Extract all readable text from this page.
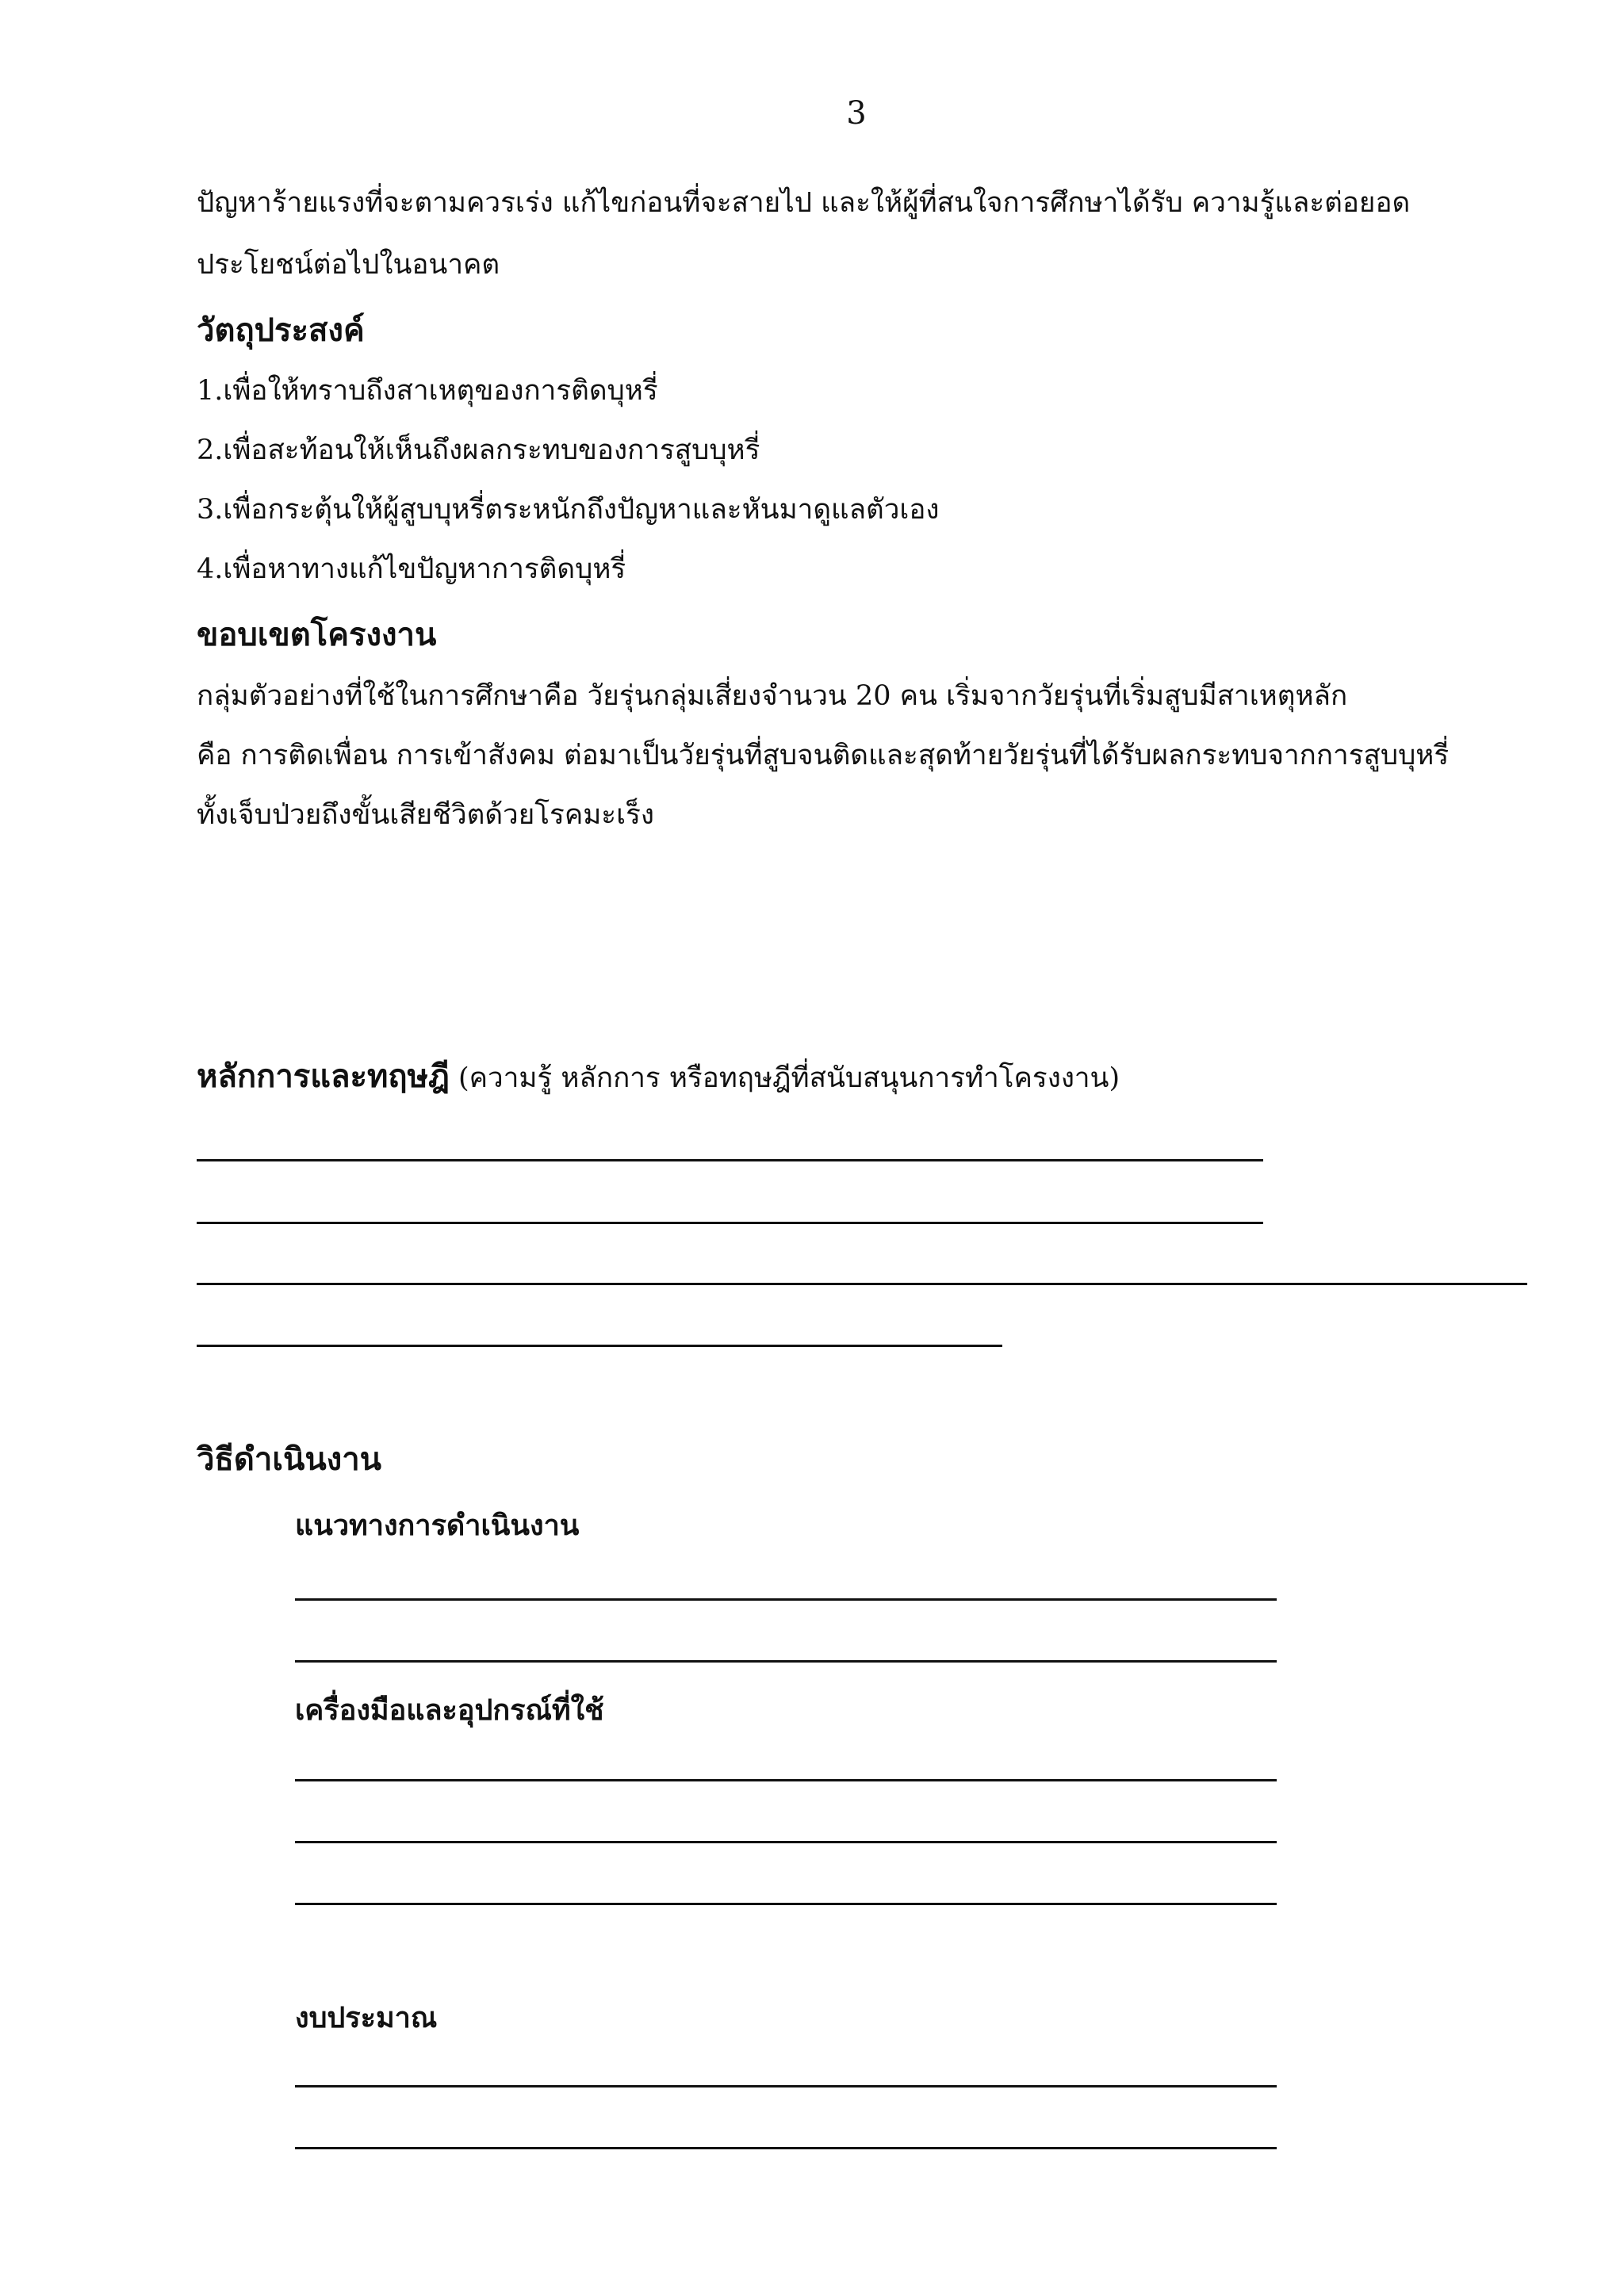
3
ปัญหาร้ายแรงที่จะตามควรเร่ง แก้ไขก่อนที่จะสายไป และให้ผู้ที่สนใจการศึกษาได้รับ ความรู้และต่อยอด
ประโยชน์ต่อไปในอนาคต
วัตถุประสงค์
1.เพื่อให้ทราบถึงสาเหตุของการติดบุหรี่
2.เพื่อสะท้อนให้เห็นถึงผลกระทบของการสูบบุหรี่
3.เพื่อกระตุ้นให้ผู้สูบบุหรี่ตระหนักถึงปัญหาและหันมาดูแลตัวเอง
4.เพื่อหาทางแก้ไขปัญหาการติดบุหรี่
ขอบเขตโครงงาน
กลุ่มตัวอย่างที่ใช้ในการศึกษาคือ วัยรุ่นกลุ่มเสี่ยงจำนวน 20 คน เริ่มจากวัยรุ่นที่เริ่มสูบมีสาเหตุหลัก
คือ การติดเพื่อน การเข้าสังคม ต่อมาเป็นวัยรุ่นที่สูบจนติดและสุดท้ายวัยรุ่นที่ได้รับผลกระทบจากการสูบบุหรี่
ทั้งเจ็บป่วยถึงขั้นเสียชีวิตด้วยโรคมะเร็ง
หลักการและทฤษฎี (ความรู้ หลักการ หรือทฤษฎีที่สนับสนุนการทำโครงงาน)
วิธีดำเนินงาน
แนวทางการดำเนินงาน
เครื่องมือและอุปกรณ์ที่ใช้
งบประมาณ
